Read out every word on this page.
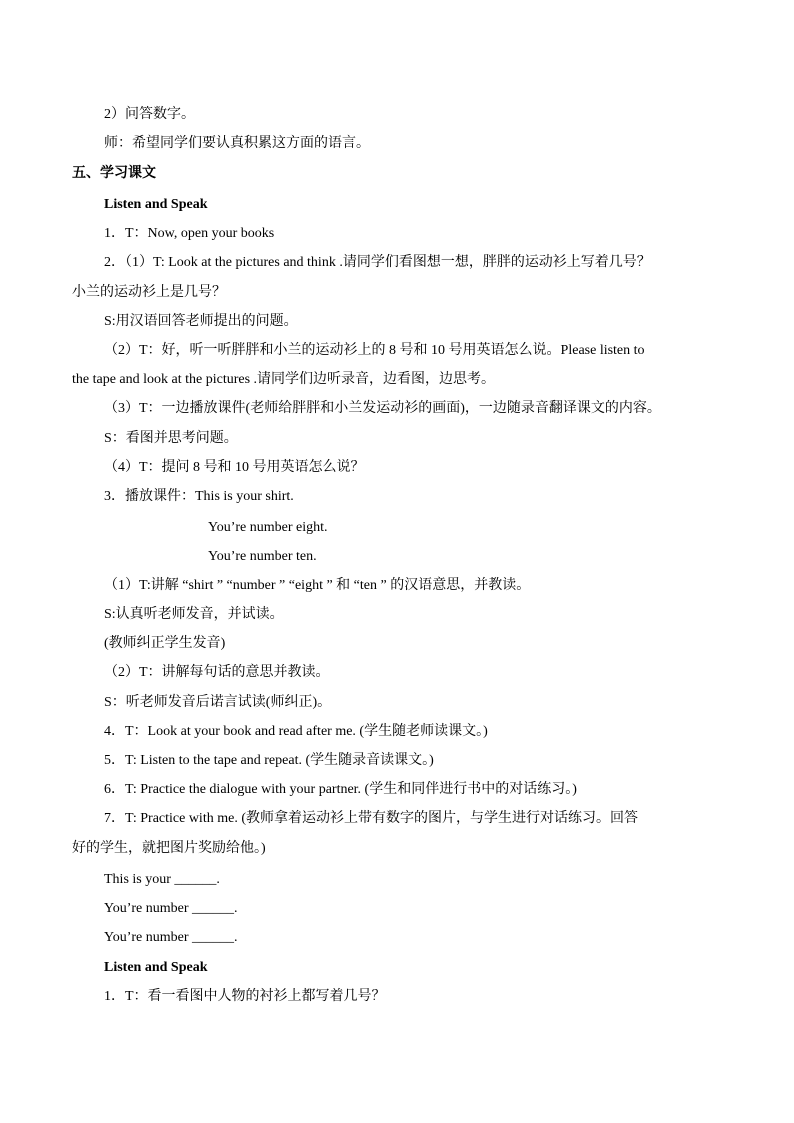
2）问答数字。
师：希望同学们要认真积累这方面的语言。
五、学习课文
Listen and Speak
1．T：Now, open your books
2．（1）T: Look at the pictures and think .请同学们看图想一想，胖胖的运动衫上写着几号？
小兰的运动衫上是几号？
S:用汉语回答老师提出的问题。
（2）T：好，听一听胖胖和小兰的运动衫上的 8 号和 10 号用英语怎么说。Please listen to
the tape and look at the pictures .请同学们边听录音，边看图，边思考。
（3）T：一边播放课件(老师给胖胖和小兰发运动衫的画面)，一边随录音翻译课文的内容。
S：看图并思考问题。
（4）T：提问 8 号和 10 号用英语怎么说？
3．播放课件：This is your shirt.
You’re number eight.
You’re number ten.
（1）T:讲解 “shirt ” “number ” “eight ” 和 “ten ” 的汉语意思，并教读。
S:认真听老师发音，并试读。
(教师纠正学生发音)
（2）T：讲解每句话的意思并教读。
S：听老师发音后诺言试读(师纠正)。
4．T：Look at your book and read after me. (学生随老师读课文。)
5．T: Listen to the tape and repeat. (学生随录音读课文。)
6．T: Practice the dialogue with your partner. (学生和同伴进行书中的对话练习。)
7．T: Practice with me. (教师拿着运动衫上带有数字的图片，与学生进行对话练习。回答
好的学生，就把图片奖励给他。)
This is your ______.
You’re number ______.
You’re number ______.
Listen and Speak
1．T：看一看图中人物的衬衫上都写着几号？
